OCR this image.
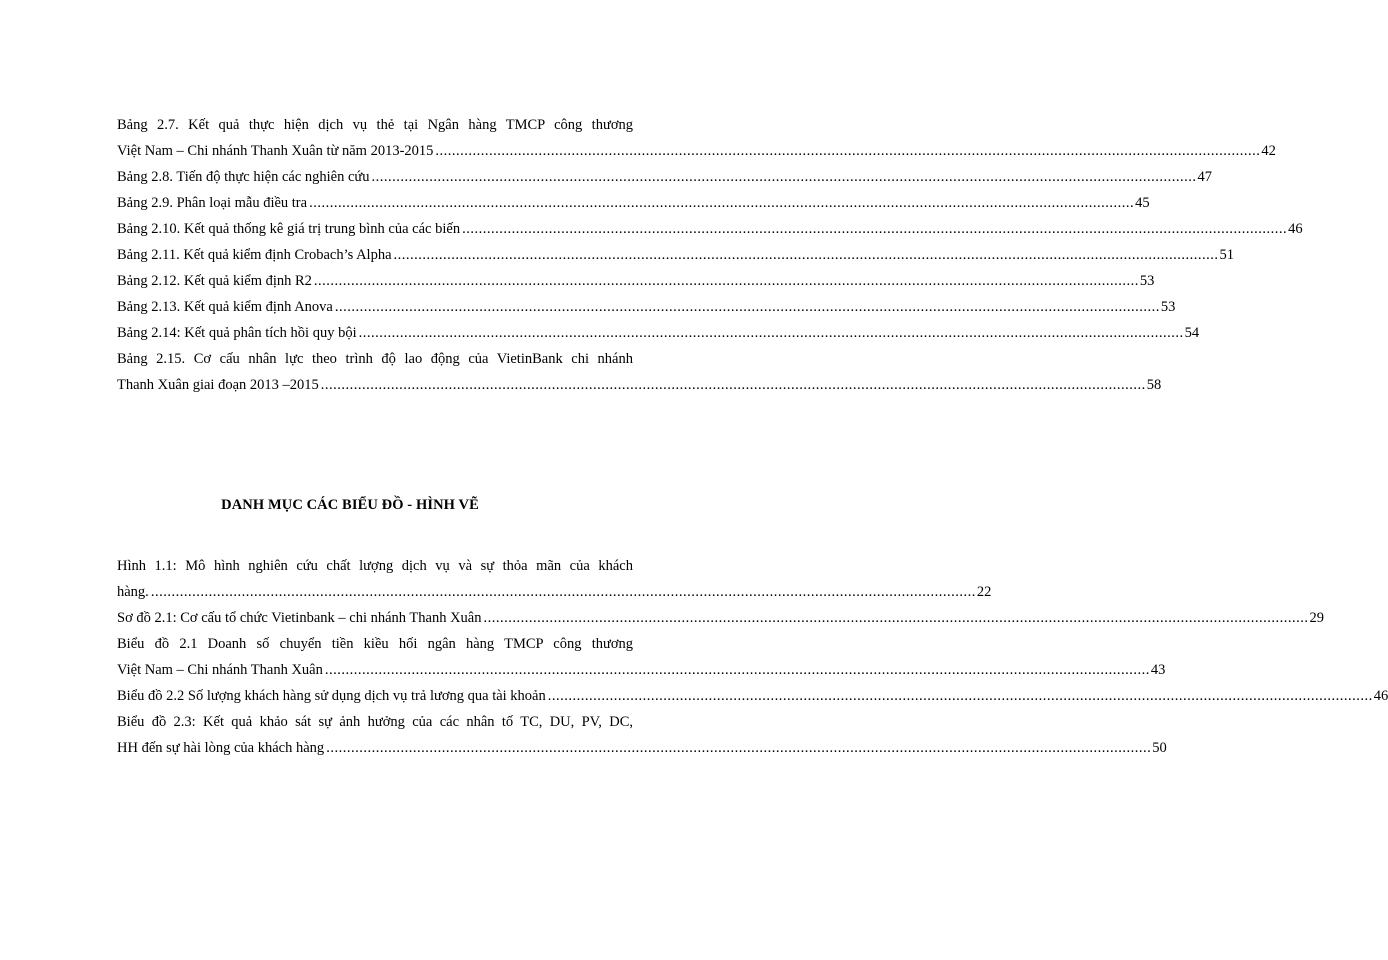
Bảng 2.7. Kết quả thực hiện dịch vụ thẻ tại Ngân hàng TMCP công thương
Việt Nam – Chi nhánh Thanh Xuân từ năm 2013-2015 ........................................................................................................................................................................................................ 42
Bảng 2.8. Tiến độ thực hiện các nghiên cứu ........................................................................................................................................................................................................ 47
Bảng 2.9. Phân loại mẫu điều tra ........................................................................................................................................................................................................ 45
Bảng 2.10. Kết quả thống kê giá trị trung bình của các biến ........................................................................................................................................................................................................ 46
Bảng 2.11. Kết quả kiểm định Crobach’s Alpha ........................................................................................................................................................................................................ 51
Bảng 2.12. Kết quả kiểm định R2 ........................................................................................................................................................................................................ 53
Bảng 2.13. Kết quả kiểm định Anova ........................................................................................................................................................................................................ 53
Bảng 2.14: Kết quả phân tích hồi quy bội ........................................................................................................................................................................................................ 54
Bảng 2.15. Cơ cấu nhân lực theo trình độ lao động của VietinBank chi nhánh
Thanh Xuân giai đoạn 2013 –2015 ........................................................................................................................................................................................................ 58
DANH MỤC CÁC BIỂU ĐỒ - HÌNH VẼ
Hình 1.1: Mô hình nghiên cứu chất lượng dịch vụ và sự thỏa mãn của khách
hàng. ........................................................................................................................................................................................................ 22
Sơ đồ 2.1: Cơ cấu tổ chức Vietinbank – chi nhánh Thanh Xuân ........................................................................................................................................................................................................ 29
Biểu đồ 2.1 Doanh số chuyển tiền kiều hối ngân hàng TMCP công thương
Việt Nam – Chi nhánh Thanh Xuân ........................................................................................................................................................................................................ 43
Biểu đồ 2.2 Số lượng khách hàng sử dụng dịch vụ trả lương qua tài khoản ........................................................................................................................................................................................................ 46
Biểu đồ 2.3: Kết quả khảo sát sự ảnh hưởng của các nhân tố TC, DU, PV, DC,
HH đến sự hài lòng của khách hàng ........................................................................................................................................................................................................ 50
